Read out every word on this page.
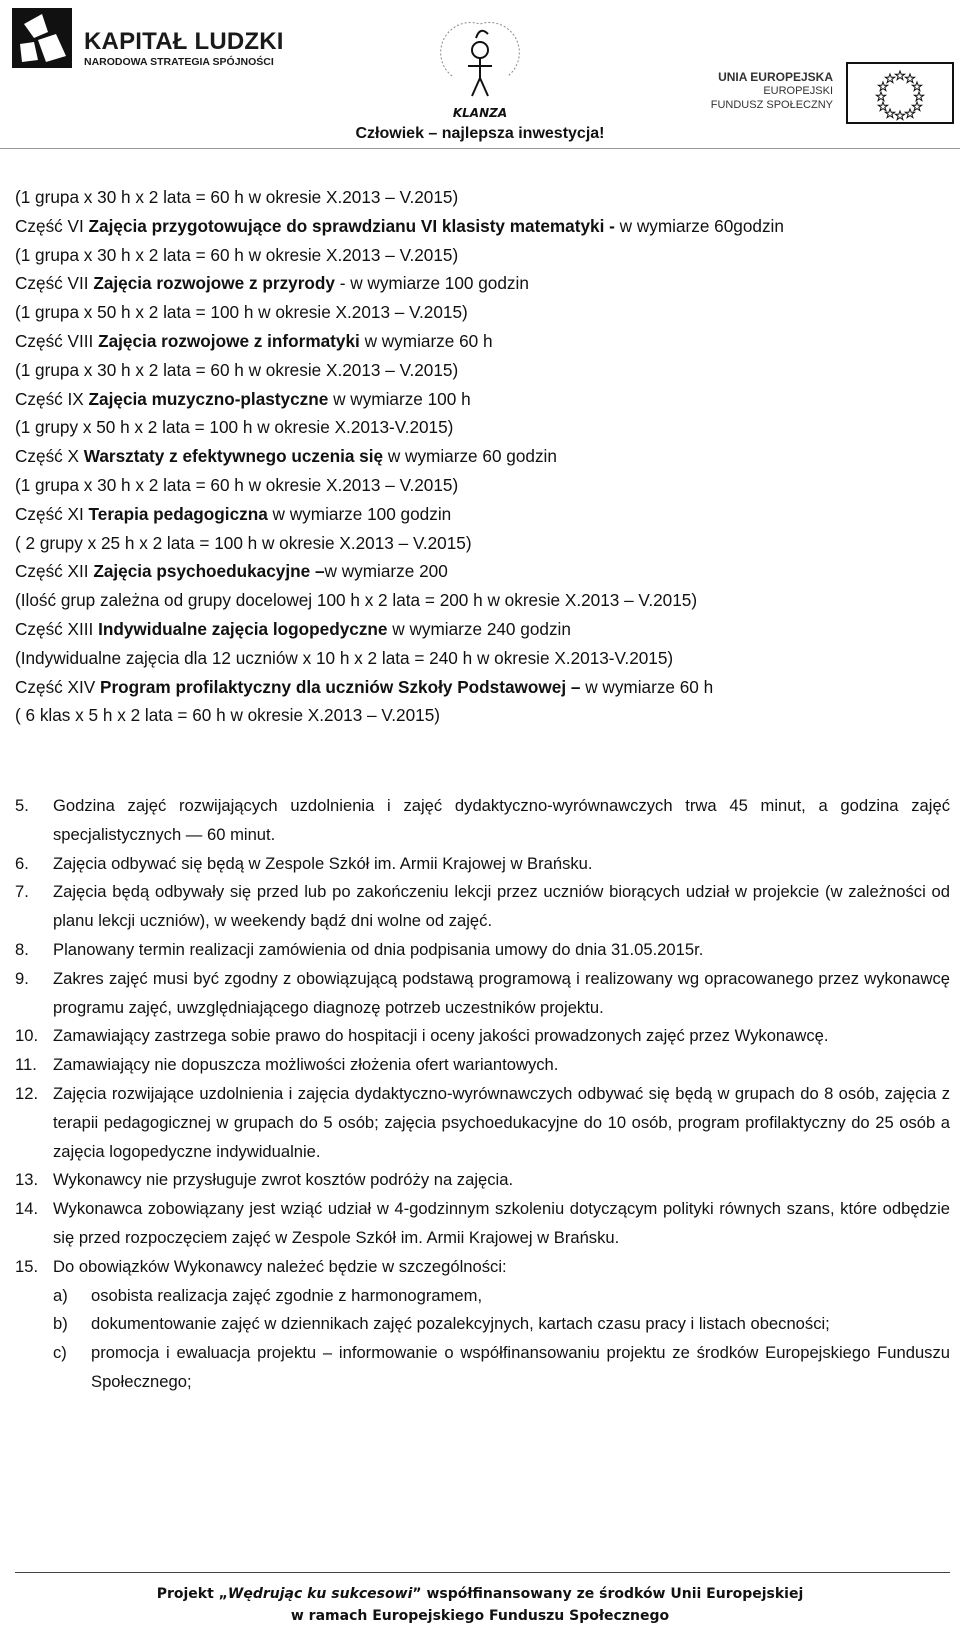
KAPITAŁ LUDZKI
NARODOWA STRATEGIA SPÓJNOŚCI
KLANZA
UNIA EUROPEJSKA
EUROPEJSKI
FUNDUSZ SPOŁECZNY
Człowiek – najlepsza inwestycja!
(1 grupa x 30 h x 2 lata = 60 h w okresie X.2013 – V.2015)
Część VI Zajęcia przygotowujące do sprawdzianu VI klasisty matematyki - w wymiarze 60godzin
(1 grupa x 30 h x 2 lata = 60 h w okresie X.2013 – V.2015)
Część VII Zajęcia rozwojowe z przyrody - w wymiarze 100 godzin
(1 grupa x 50 h x 2 lata = 100 h w okresie X.2013 – V.2015)
Część VIII Zajęcia rozwojowe z informatyki w wymiarze 60 h
(1 grupa x 30 h x 2 lata = 60 h w okresie X.2013 – V.2015)
Część IX Zajęcia muzyczno-plastyczne w wymiarze 100 h
(1 grupy x 50 h x 2 lata = 100 h w okresie X.2013-V.2015)
Część X Warsztaty z efektywnego uczenia się w wymiarze 60 godzin
(1 grupa x 30 h x 2 lata = 60 h w okresie X.2013 – V.2015)
Część XI Terapia pedagogiczna w wymiarze 100 godzin
( 2 grupy x 25 h x 2 lata = 100 h w okresie X.2013 – V.2015)
Część XII Zajęcia psychoedukacyjne –w wymiarze 200
(Ilość grup zależna od grupy docelowej 100 h x 2 lata = 200 h w okresie X.2013 – V.2015)
Część XIII Indywidualne zajęcia logopedyczne w wymiarze 240 godzin
(Indywidualne zajęcia dla 12 uczniów x 10 h x 2 lata = 240 h w okresie X.2013-V.2015)
Część XIV Program profilaktyczny dla uczniów Szkoły Podstawowej – w wymiarze 60 h
( 6 klas x 5 h x 2 lata = 60 h w okresie X.2013 – V.2015)
5. Godzina zajęć rozwijających uzdolnienia i zajęć dydaktyczno-wyrównawczych trwa 45 minut, a godzina zajęć specjalistycznych — 60 minut.
6. Zajęcia odbywać się będą w Zespole Szkół im. Armii Krajowej w Brańsku.
7. Zajęcia będą odbywały się przed lub po zakończeniu lekcji przez uczniów biorących udział w projekcie (w zależności od planu lekcji uczniów), w weekendy bądź dni wolne od zajęć.
8. Planowany termin realizacji zamówienia od dnia podpisania umowy do dnia 31.05.2015r.
9. Zakres zajęć musi być zgodny z obowiązującą podstawą programową i realizowany wg opracowanego przez wykonawcę programu zajęć, uwzględniającego diagnozę potrzeb uczestników projektu.
10. Zamawiający zastrzega sobie prawo do hospitacji i oceny jakości prowadzonych zajęć przez Wykonawcę.
11. Zamawiający nie dopuszcza możliwości złożenia ofert wariantowych.
12. Zajęcia rozwijające uzdolnienia i zajęcia dydaktyczno-wyrównawczych odbywać się będą w grupach do 8 osób, zajęcia z terapii pedagogicznej w grupach do 5 osób; zajęcia psychoedukacyjne do 10 osób, program profilaktyczny do 25 osób a zajęcia logopedyczne indywidualnie.
13. Wykonawcy nie przysługuje zwrot kosztów podróży na zajęcia.
14. Wykonawca zobowiązany jest wziąć udział w 4-godzinnym szkoleniu dotyczącym polityki równych szans, które odbędzie się przed rozpoczęciem zajęć w Zespole Szkół im. Armii Krajowej w Brańsku.
15. Do obowiązków Wykonawcy należeć będzie w szczególności:
a) osobista realizacja zajęć zgodnie z harmonogramem,
b) dokumentowanie zajęć w dziennikach zajęć pozalekcyjnych, kartach czasu pracy i listach obecności;
c) promocja i ewaluacja projektu – informowanie o współfinansowaniu projektu ze środków Europejskiego Funduszu Społecznego;
Projekt „Wędrując ku sukcesowi” współfinansowany ze środków Unii Europejskiej
w ramach Europejskiego Funduszu Społecznego
